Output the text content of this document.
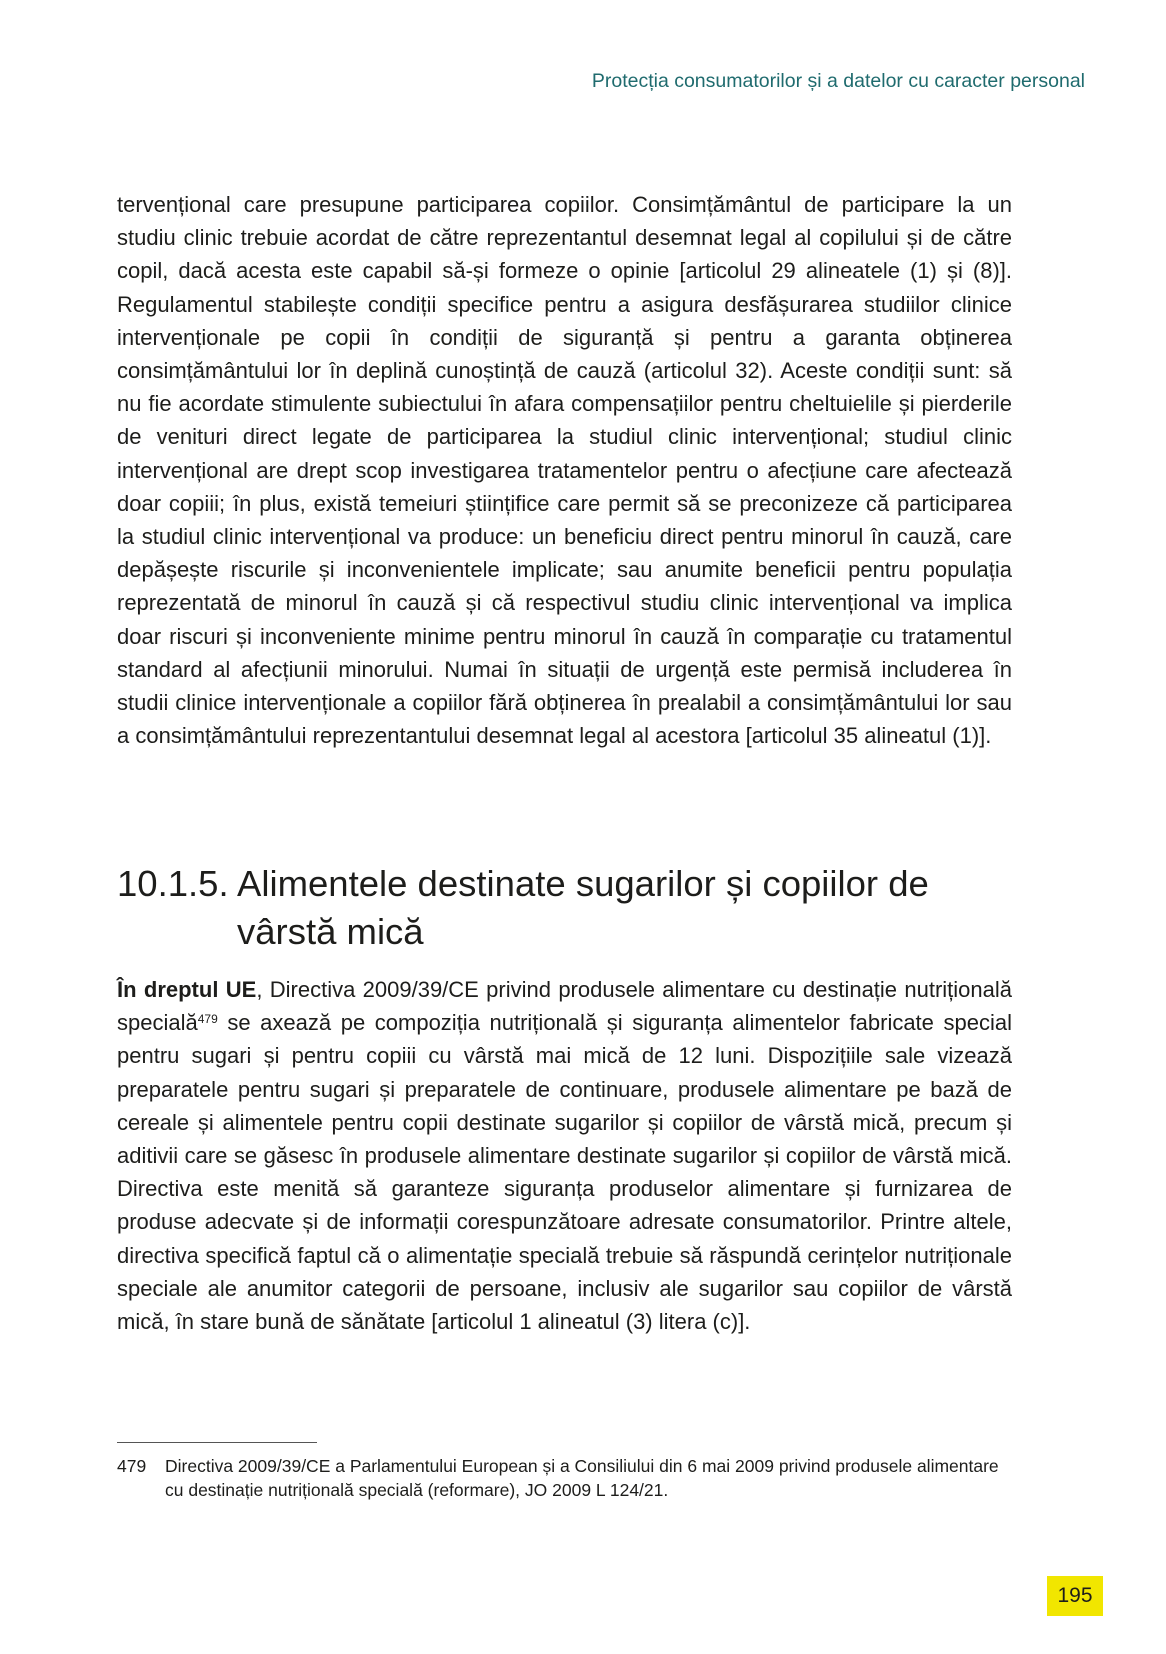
Protecția consumatorilor și a datelor cu caracter personal

tervențional care presupune participarea copiilor. Consimțământul de participare la un studiu clinic trebuie acordat de către reprezentantul desemnat legal al copilului și de către copil, dacă acesta este capabil să-și formeze o opinie [articolul 29 alineatele (1) și (8)]. Regulamentul stabilește condiții specifice pentru a asigura desfășurarea studiilor clinice intervenționale pe copii în condiții de siguranță și pentru a garanta obținerea consimțământului lor în deplină cunoștință de cauză (articolul 32). Aceste condiții sunt: să nu fie acordate stimulente subiectului în afara compensațiilor pentru cheltuielile și pierderile de venituri direct legate de participarea la studiul clinic intervențional; studiul clinic intervențional are drept scop investigarea tratamentelor pentru o afecțiune care afectează doar copiii; în plus, există temeiuri științifice care permit să se preconizeze că participarea la studiul clinic intervențional va produce: un beneficiu direct pentru minorul în cauză, care depășește riscurile și inconvenientele implicate; sau anumite beneficii pentru populația reprezentată de minorul în cauză și că respectivul studiu clinic intervențional va implica doar riscuri și inconveniente minime pentru minorul în cauză în comparație cu tratamentul standard al afecțiunii minorului. Numai în situații de urgență este permisă includerea în studii clinice intervenționale a copiilor fără obținerea în prealabil a consimțământului lor sau a consimțământului reprezentantului desemnat legal al acestora [articolul 35 alineatul (1)].

10.1.5. Alimentele destinate sugarilor și copiilor de vârstă mică

În dreptul UE, Directiva 2009/39/CE privind produsele alimentare cu destinație nutrițională specială$^{479}$ se axează pe compoziția nutrițională și siguranța alimentelor fabricate special pentru sugari și pentru copiii cu vârstă mai mică de 12 luni. Dispozițiile sale vizează preparatele pentru sugari și preparatele de continuare, produsele alimentare pe bază de cereale și alimentele pentru copii destinate sugarilor și copiilor de vârstă mică, precum și aditivii care se găsesc în produsele alimentare destinate sugarilor și copiilor de vârstă mică. Directiva este menită să garanteze siguranța produselor alimentare și furnizarea de produse adecvate și de informații corespunzătoare adresate consumatorilor. Printre altele, directiva specifică faptul că o alimentație specială trebuie să răspundă cerințelor nutriționale speciale ale anumitor categorii de persoane, inclusiv ale sugarilor sau copiilor de vârstă mică, în stare bună de sănătate [articolul 1 alineatul (3) litera (c)].

479	Directiva 2009/39/CE a Parlamentului European și a Consiliului din 6 mai 2009 privind produsele alimentare cu destinație nutrițională specială (reformare), JO 2009 L 124/21.
195
